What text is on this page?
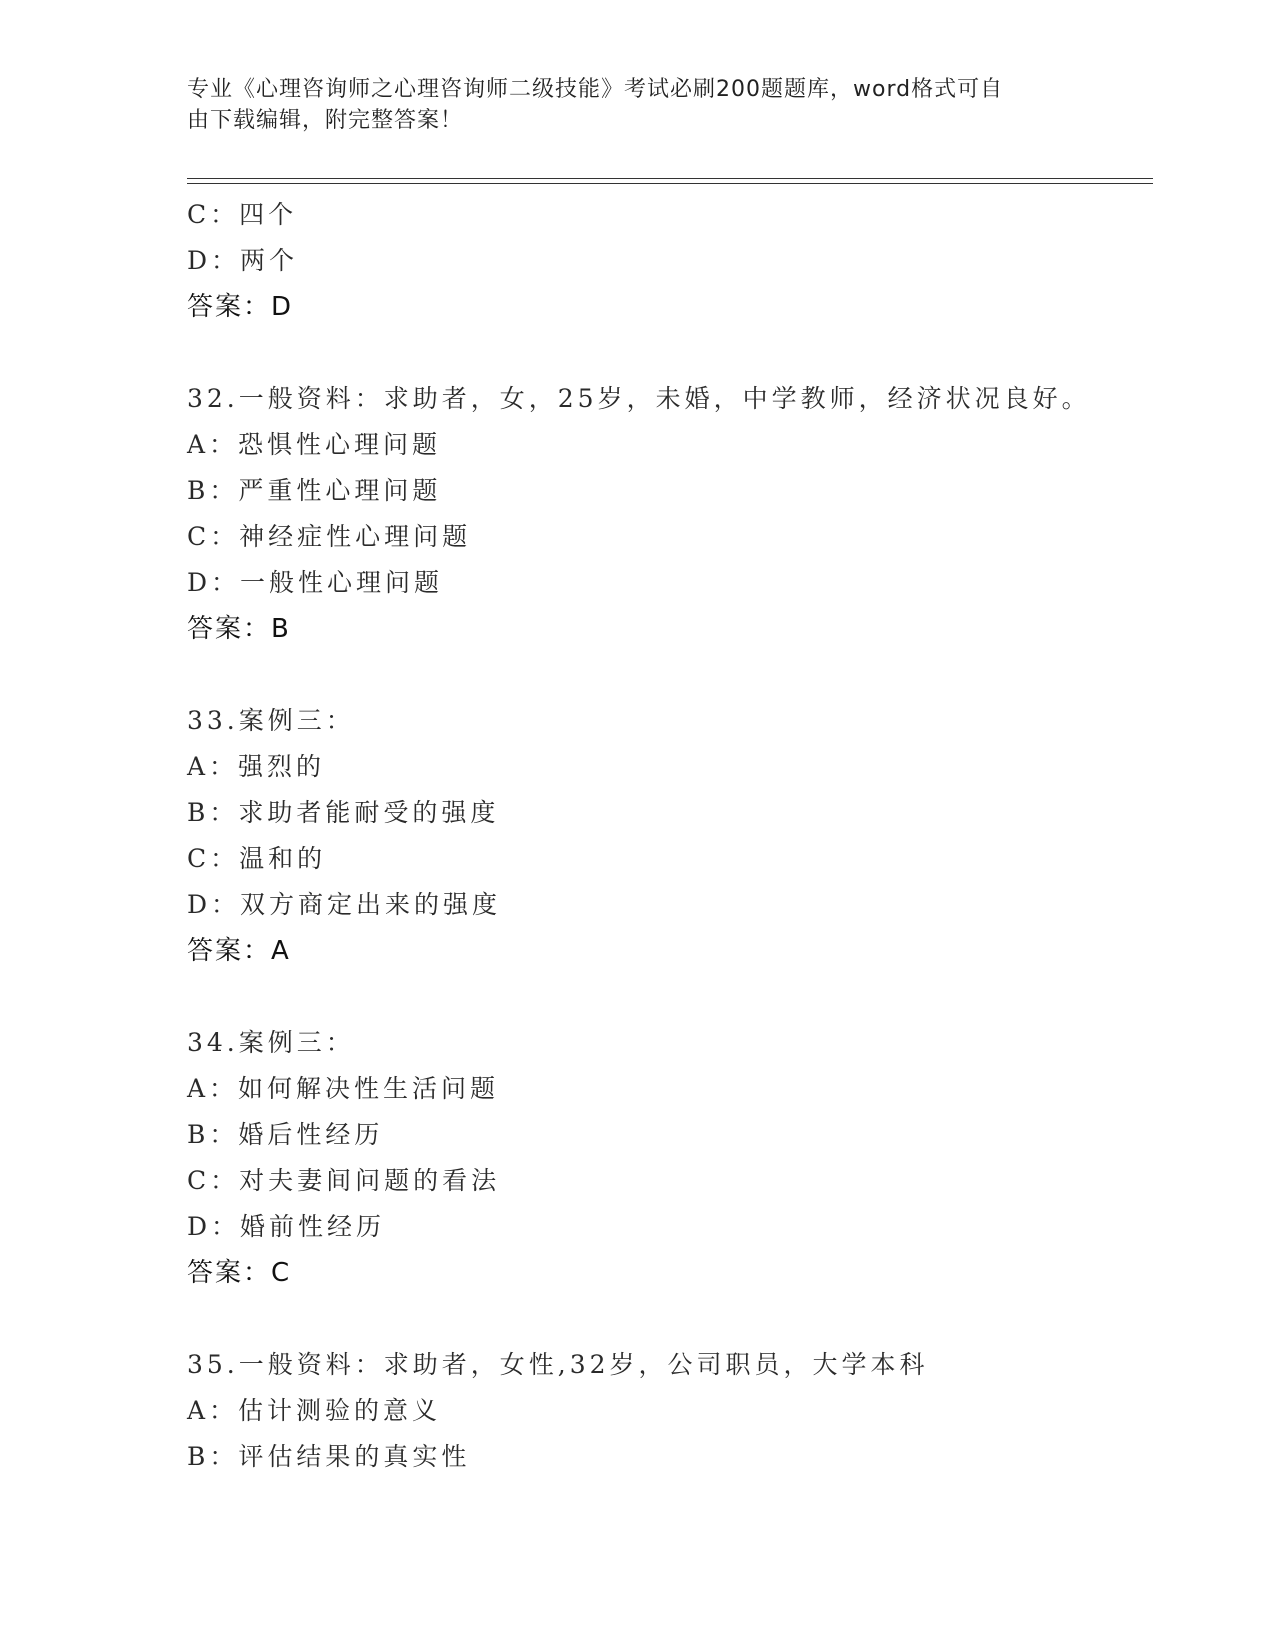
专业《心理咨询师之心理咨询师二级技能》考试必刷200题题库，word格式可自
由下载编辑，附完整答案！
C：四个
D：两个
答案：D
32.一般资料：求助者，女，25岁，未婚，中学教师，经济状况良好。
A：恐惧性心理问题
B：严重性心理问题
C：神经症性心理问题
D：一般性心理问题
答案：B
33.案例三：
A：强烈的
B：求助者能耐受的强度
C：温和的
D：双方商定出来的强度
答案：A
34.案例三：
A：如何解决性生活问题
B：婚后性经历
C：对夫妻间问题的看法
D：婚前性经历
答案：C
35.一般资料：求助者，女性,32岁，公司职员，大学本科
A：估计测验的意义
B：评估结果的真实性
